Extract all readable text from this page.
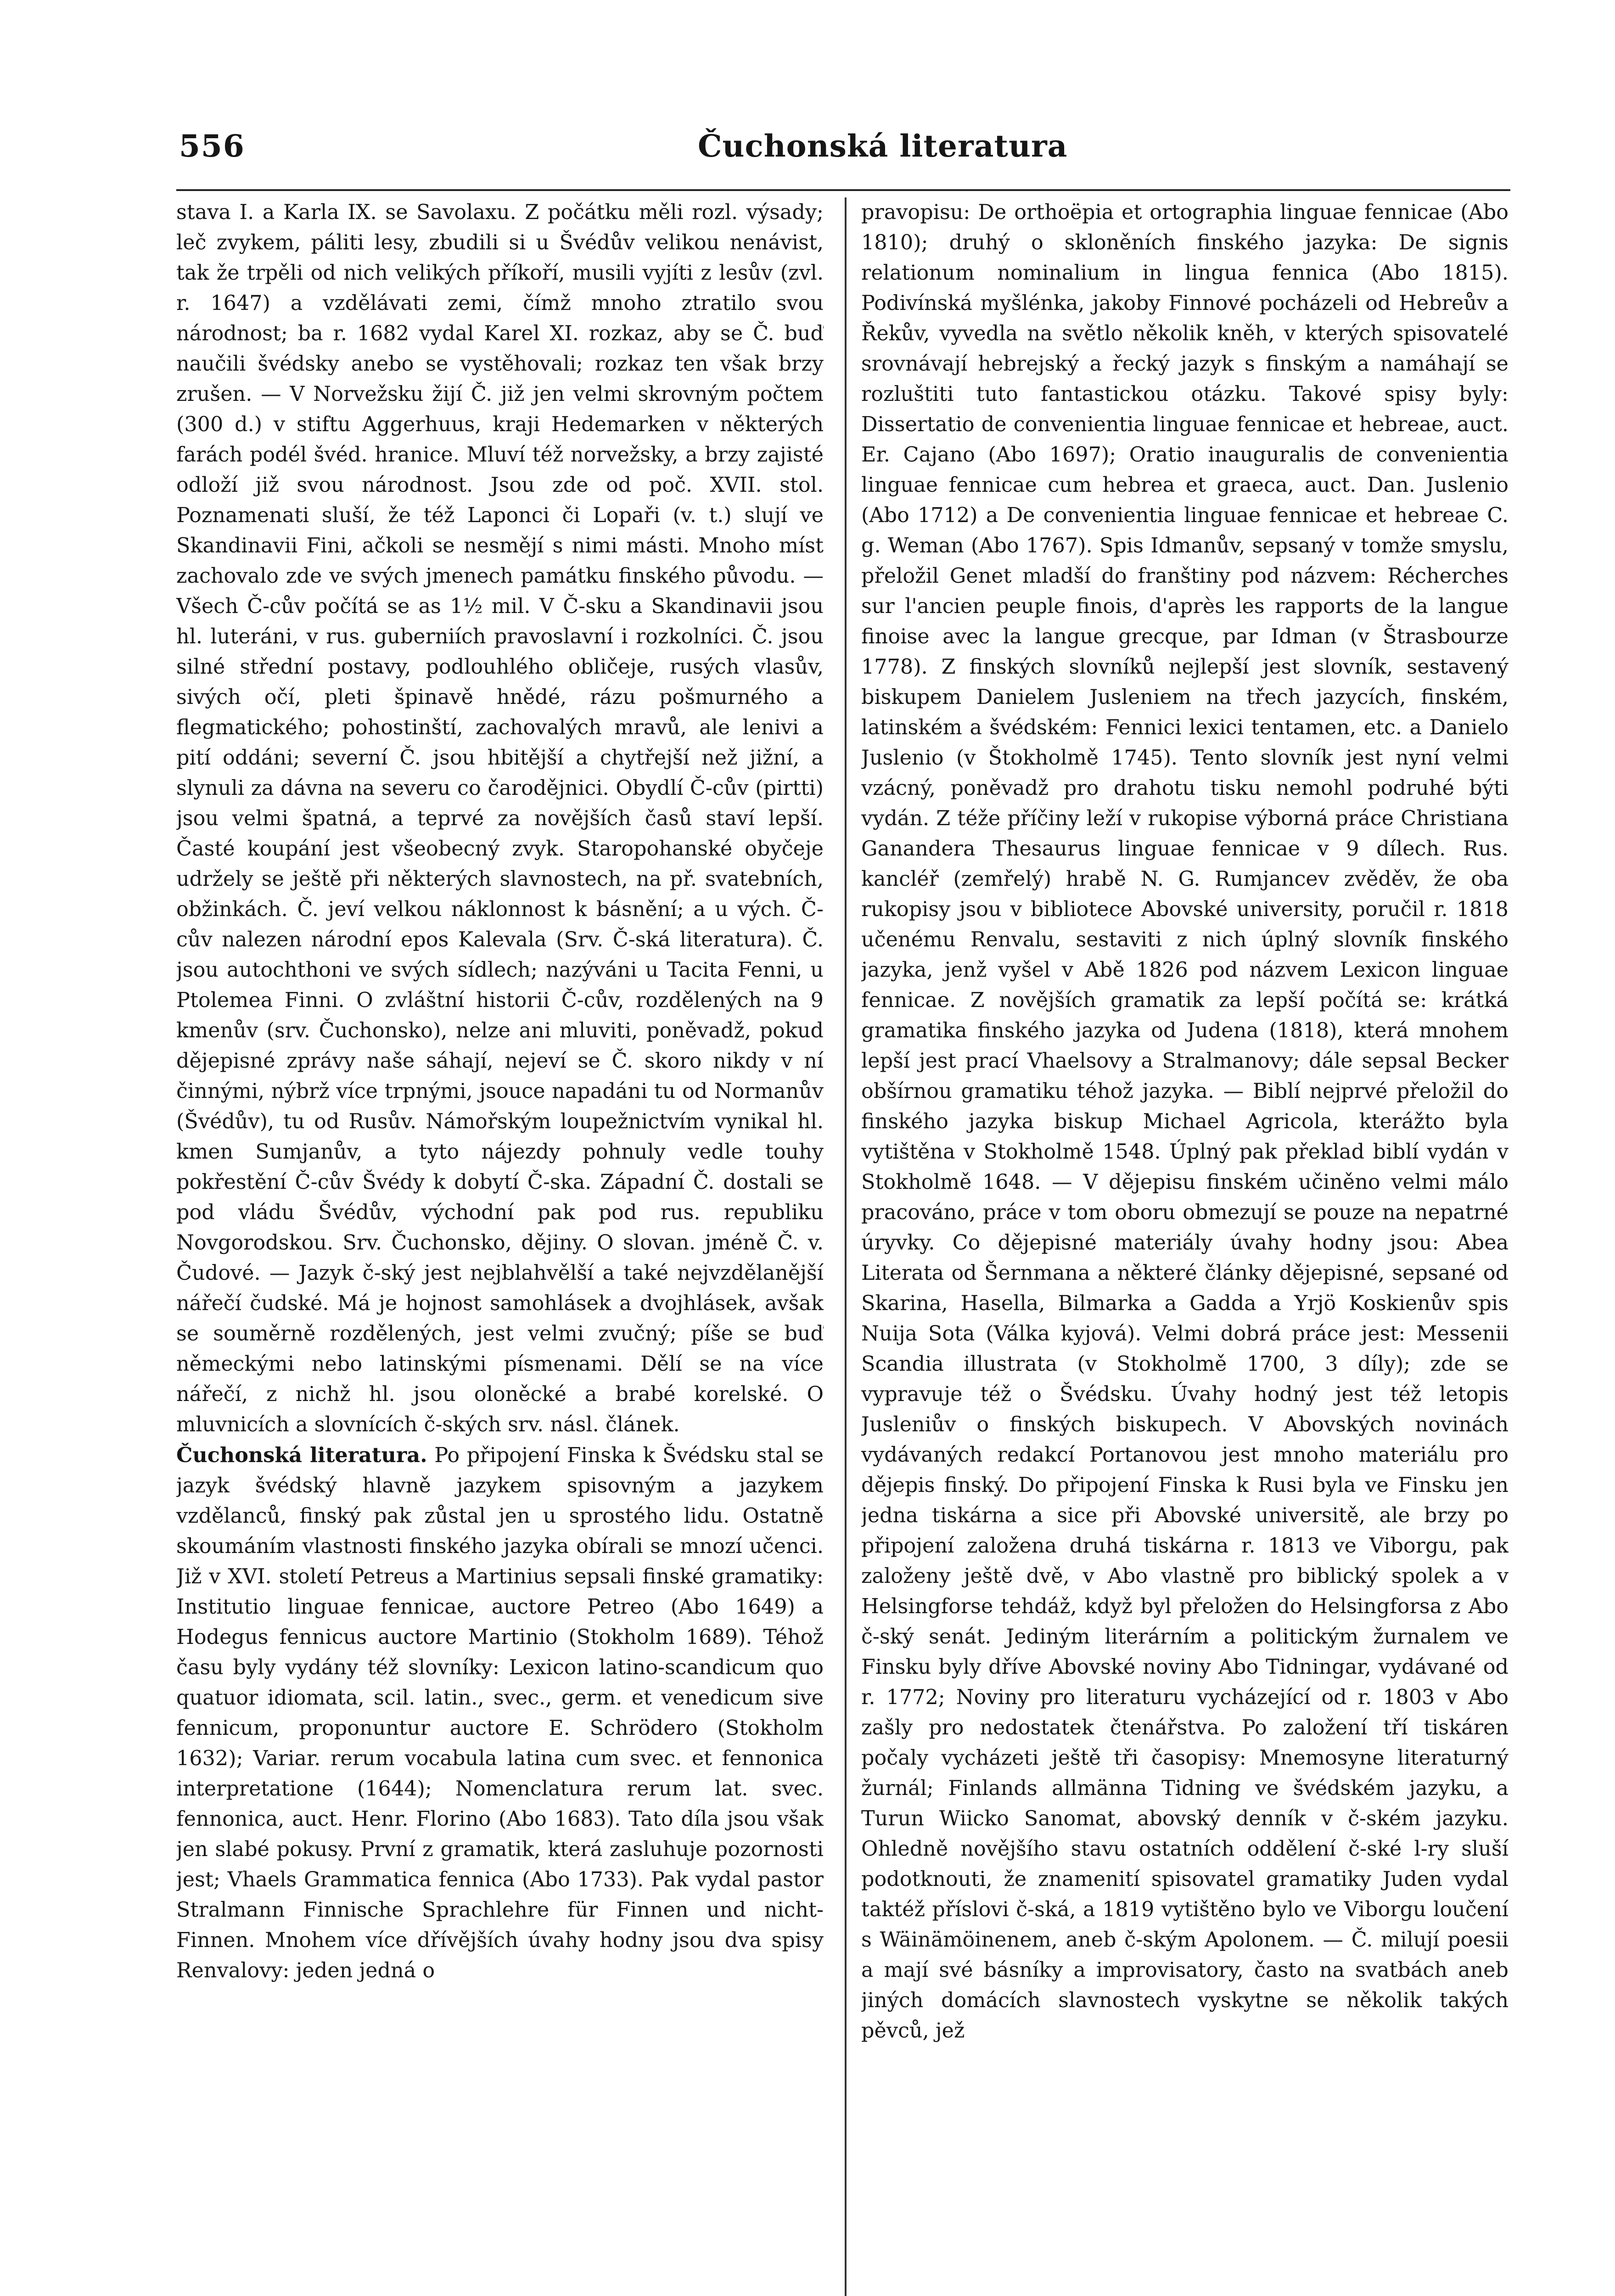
556	Čuchonská literatura

stava I. a Karla IX. se Savolaxu. Z počátku měli rozl. výsady; leč zvykem, páliti lesy, zbudili si u Švédův velikou nenávist, tak že trpěli od nich velikých příkoří, musili vyjíti z lesův (zvl. r. 1647) a vzdělávati zemi, čímž mnoho ztratilo svou národnost; ba r. 1682 vydal Karel XI. rozkaz, aby se Č. buď naučili švédsky anebo se vystěhovali; rozkaz ten však brzy zrušen. — V Norvežsku žijí Č. již jen velmi skrovným počtem (300 d.) v stiftu Aggerhuus, kraji Hedemarken v některých farách podél švéd. hranice. Mluví též norvežsky, a brzy zajisté odloží již svou národnost. Jsou zde od poč. XVII. stol. Poznamenati sluší, že též Laponci či Lopaři (v. t.) slují ve Skandinavii Fini, ačkoli se nesmějí s nimi másti. Mnoho míst zachovalo zde ve svých jmenech památku finského původu. — Všech Č-cův počítá se as 1½ mil. V Č-sku a Skandinavii jsou hl. luteráni, v rus. guberniích pravoslavní i rozkolníci. Č. jsou silné střední postavy, podlouhlého obličeje, rusých vlasův, sivých očí, pleti špinavě hnědé, rázu pošmurného a flegmatického; pohostinští, zachovalých mravů, ale lenivi a pití oddáni; severní Č. jsou hbitější a chytřejší než jižní, a slynuli za dávna na severu co čarodějnici. Obydlí Č-cův (pirtti) jsou velmi špatná, a teprvé za novějších časů staví lepší. Časté koupání jest všeobecný zvyk. Staropohanské obyčeje udržely se ještě při některých slavnostech, na př. svatebních, obžinkách. Č. jeví velkou náklonnost k básnění; a u vých. Č-cův nalezen národní epos Kalevala (Srv. Č-ská literatura). Č. jsou autochthoni ve svých sídlech; nazýváni u Tacita Fenni, u Ptolemea Finni. O zvláštní historii Č-cův, rozdělených na 9 kmenův (srv. Čuchonsko), nelze ani mluviti, poněvadž, pokud dějepisné zprávy naše sáhají, nejeví se Č. skoro nikdy v ní činnými, nýbrž více trpnými, jsouce napadáni tu od Normanův (Švédův), tu od Rusův. Námořským loupežnictvím vynikal hl. kmen Sumjanův, a tyto nájezdy pohnuly vedle touhy pokřestění Č-cův Švédy k dobytí Č-ska. Západní Č. dostali se pod vládu Švédův, východní pak pod rus. republiku Novgorodskou. Srv. Čuchonsko, dějiny. O slovan. jméně Č. v. Čudové. — Jazyk č-ský jest nejblahvělší a také nejvzdělanější nářečí čudské. Má je hojnost samohlásek a dvojhlásek, avšak se souměrně rozdělených, jest velmi zvučný; píše se buď německými nebo latinskými písmenami. Dělí se na více nářečí, z nichž hl. jsou oloněcké a brabé korelské. O mluvnicích a slovnících č-ských srv. násl. článek.

Čuchonská literatura. Po připojení Finska k Švédsku stal se jazyk švédský hlavně jazykem spisovným a jazykem vzdělanců, finský pak zůstal jen u sprostého lidu. Ostatně skoumáním vlastnosti finského jazyka obírali se mnozí učenci. Již v XVI. století Petreus a Martinius sepsali finské gramatiky: Institutio linguae fennicae, auctore Petreo (Abo 1649) a Hodegus fennicus auctore Martinio (Stokholm 1689). Téhož času byly vydány též slovníky: Lexicon latino-scandicum quo quatuor idiomata, scil. latin., svec., germ. et venedicum sive fennicum, proponuntur auctore E. Schrödero (Stokholm 1632); Variar. rerum vocabula latina cum svec. et fennonica interpretatione (1644); Nomenclatura rerum lat. svec. fennonica, auct. Henr. Florino (Abo 1683). Tato díla jsou však jen slabé pokusy. První z gramatik, která zasluhuje pozornosti jest; Vhaels Grammatica fennica (Abo 1733). Pak vydal pastor Stralmann Finnische Sprachlehre für Finnen und nicht-Finnen. Mnohem více dřívějších úvahy hodny jsou dva spisy Renvalovy: jeden jedná o

pravopisu: De orthoëpia et ortographia linguae fennicae (Abo 1810); druhý o skloněních finského jazyka: De signis relationum nominalium in lingua fennica (Abo 1815). Podivínská myšlénka, jakoby Finnové pocházeli od Hebreův a Řekův, vyvedla na světlo několik kněh, v kterých spisovatelé srovnávají hebrejský a řecký jazyk s finským a namáhají se rozluštiti tuto fantastickou otázku. Takové spisy byly: Dissertatio de convenientia linguae fennicae et hebreae, auct. Er. Cajano (Abo 1697); Oratio inauguralis de convenientia linguae fennicae cum hebrea et graeca, auct. Dan. Juslenio (Abo 1712) a De convenientia linguae fennicae et hebreae C. g. Weman (Abo 1767). Spis Idmanův, sepsaný v tomže smyslu, přeložil Genet mladší do franštiny pod názvem: Récherches sur l'ancien peuple finois, d'après les rapports de la langue finoise avec la langue grecque, par Idman (v Štrasbourze 1778). Z finských slovníků nejlepší jest slovník, sestavený biskupem Danielem Jusleniem na třech jazycích, finském, latinském a švédském: Fennici lexici tentamen, etc. a Danielo Juslenio (v Štokholmě 1745). Tento slovník jest nyní velmi vzácný, poněvadž pro drahotu tisku nemohl podruhé býti vydán. Z téže příčiny leží v rukopise výborná práce Christiana Ganandera Thesaurus linguae fennicae v 9 dílech. Rus. kancléř (zemřelý) hrabě N. G. Rumjancev zvěděv, že oba rukopisy jsou v bibliotece Abovské university, poručil r. 1818 učenému Renvalu, sestaviti z nich úplný slovník finského jazyka, jenž vyšel v Abě 1826 pod názvem Lexicon linguae fennicae. Z novějších gramatik za lepší počítá se: krátká gramatika finského jazyka od Judena (1818), která mnohem lepší jest prací Vhaelsovy a Stralmanovy; dále sepsal Becker obšírnou gramatiku téhož jazyka. — Biblí nejprvé přeložil do finského jazyka biskup Michael Agricola, kterážto byla vytištěna v Stokholmě 1548. Úplný pak překlad biblí vydán v Stokholmě 1648. — V dějepisu finském učiněno velmi málo pracováno, práce v tom oboru obmezují se pouze na nepatrné úryvky. Co dějepisné materiály úvahy hodny jsou: Abea Literata od Šernmana a některé články dějepisné, sepsané od Skarina, Hasella, Bilmarka a Gadda a Yrjö Koskienův spis Nuija Sota (Válka kyjová). Velmi dobrá práce jest: Messenii Scandia illustrata (v Stokholmě 1700, 3 díly); zde se vypravuje též o Švédsku. Úvahy hodný jest též letopis Jusleniův o finských biskupech. V Abovských novinách vydávaných redakcí Portanovou jest mnoho materiálu pro dějepis finský. Do připojení Finska k Rusi byla ve Finsku jen jedna tiskárna a sice při Abovské universitě, ale brzy po připojení založena druhá tiskárna r. 1813 ve Viborgu, pak založeny ještě dvě, v Abo vlastně pro biblický spolek a v Helsingforse tehdáž, když byl přeložen do Helsingforsa z Abo č-ský senát. Jediným literárním a politickým žurnalem ve Finsku byly dříve Abovské noviny Abo Tidningar, vydávané od r. 1772; Noviny pro literaturu vycházející od r. 1803 v Abo zašly pro nedostatek čtenářstva. Po založení tří tiskáren počaly vycházeti ještě tři časopisy: Mnemosyne literaturný žurnál; Finlands allmänna Tidning ve švédském jazyku, a Turun Wiicko Sanomat, abovský denník v č-ském jazyku. Ohledně novějšího stavu ostatních oddělení č-ské l-ry sluší podotknouti, že znamenití spisovatel gramatiky Juden vydal taktéž příslovi č-ská, a 1819 vytištěno bylo ve Viborgu loučení s Wäinämöinenem, aneb č-ským Apolonem. — Č. milují poesii a mají své básníky a improvisatory, často na svatbách aneb jiných domácích slavnostech vyskytne se několik takých pěvců, jež
